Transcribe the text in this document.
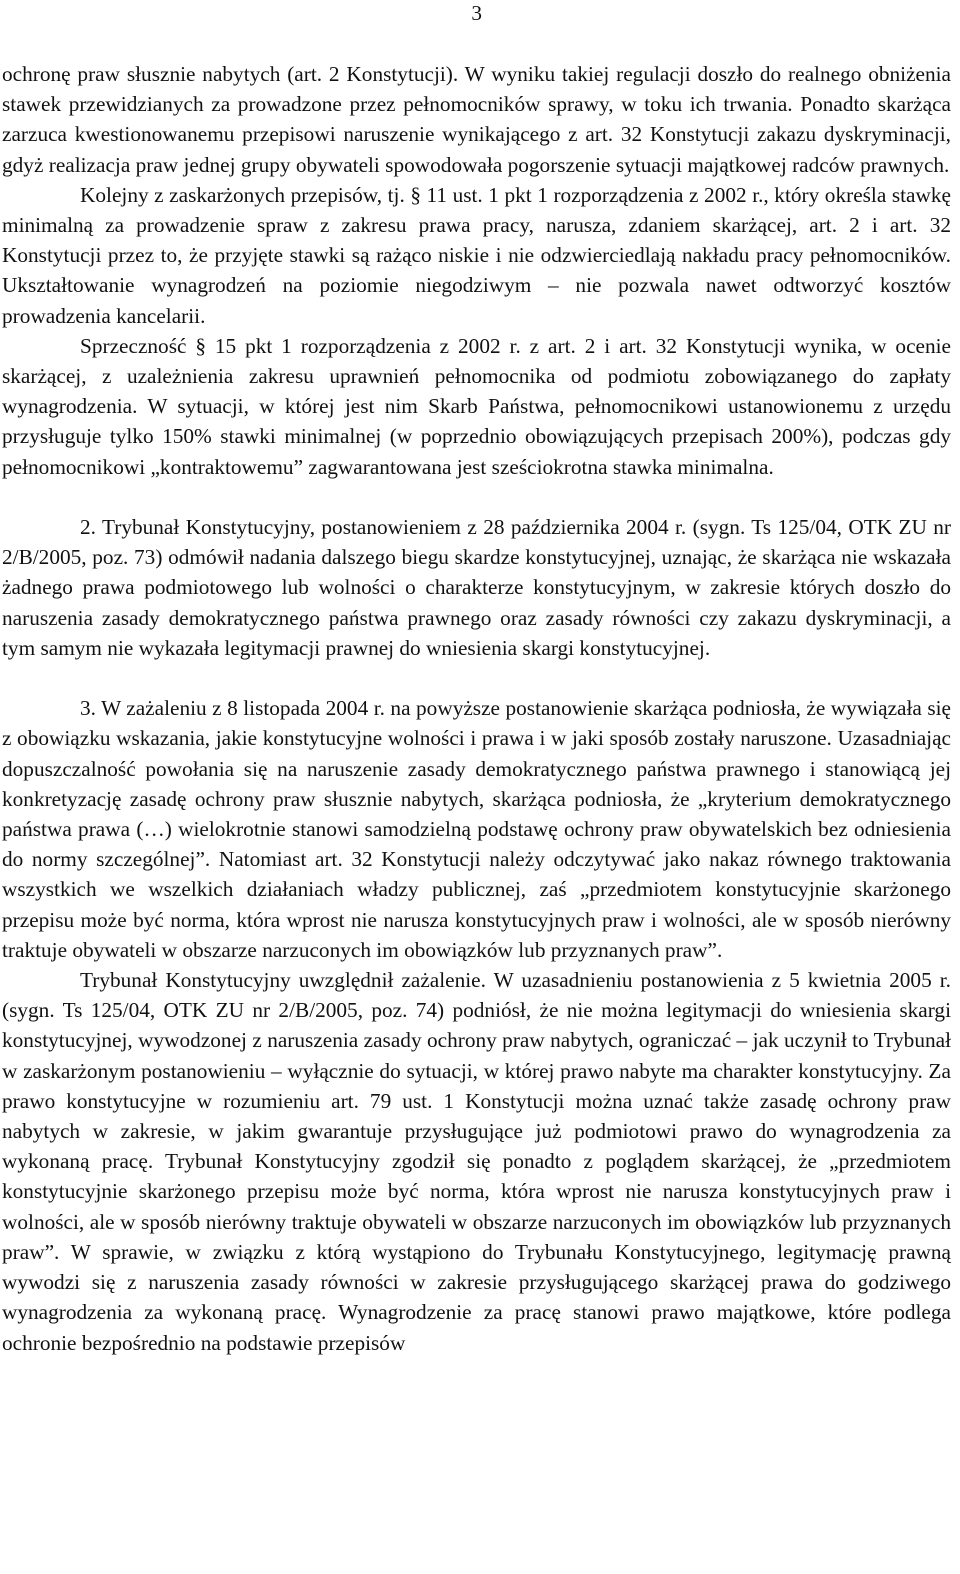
3

ochronę praw słusznie nabytych (art. 2 Konstytucji). W wyniku takiej regulacji doszło do realnego obniżenia stawek przewidzianych za prowadzone przez pełnomocników sprawy, w toku ich trwania. Ponadto skarżąca zarzuca kwestionowanemu przepisowi naruszenie wynikającego z art. 32 Konstytucji zakazu dyskryminacji, gdyż realizacja praw jednej grupy obywateli spowodowała pogorszenie sytuacji majątkowej radców prawnych.

Kolejny z zaskarżonych przepisów, tj. § 11 ust. 1 pkt 1 rozporządzenia z 2002 r., który określa stawkę minimalną za prowadzenie spraw z zakresu prawa pracy, narusza, zdaniem skarżącej, art. 2 i art. 32 Konstytucji przez to, że przyjęte stawki są rażąco niskie i nie odzwierciedlają nakładu pracy pełnomocników. Ukształtowanie wynagrodzeń na poziomie niegodziwym – nie pozwala nawet odtworzyć kosztów prowadzenia kancelarii.

Sprzeczność § 15 pkt 1 rozporządzenia z 2002 r. z art. 2 i art. 32 Konstytucji wynika, w ocenie skarżącej, z uzależnienia zakresu uprawnień pełnomocnika od podmiotu zobowiązanego do zapłaty wynagrodzenia. W sytuacji, w której jest nim Skarb Państwa, pełnomocnikowi ustanowionemu z urzędu przysługuje tylko 150% stawki minimalnej (w poprzednio obowiązujących przepisach 200%), podczas gdy pełnomocnikowi „kontraktowemu” zagwarantowana jest sześciokrotna stawka minimalna.

2. Trybunał Konstytucyjny, postanowieniem z 28 października 2004 r. (sygn. Ts 125/04, OTK ZU nr 2/B/2005, poz. 73) odmówił nadania dalszego biegu skardze konstytucyjnej, uznając, że skarżąca nie wskazała żadnego prawa podmiotowego lub wolności o charakterze konstytucyjnym, w zakresie których doszło do naruszenia zasady demokratycznego państwa prawnego oraz zasady równości czy zakazu dyskryminacji, a tym samym nie wykazała legitymacji prawnej do wniesienia skargi konstytucyjnej.

3. W zażaleniu z 8 listopada 2004 r. na powyższe postanowienie skarżąca podniosła, że wywiązała się z obowiązku wskazania, jakie konstytucyjne wolności i prawa i w jaki sposób zostały naruszone. Uzasadniając dopuszczalność powołania się na naruszenie zasady demokratycznego państwa prawnego i stanowiącą jej konkretyzację zasadę ochrony praw słusznie nabytych, skarżąca podniosła, że „kryterium demokratycznego państwa prawa (…) wielokrotnie stanowi samodzielną podstawę ochrony praw obywatelskich bez odniesienia do normy szczególnej”. Natomiast art. 32 Konstytucji należy odczytywać jako nakaz równego traktowania wszystkich we wszelkich działaniach władzy publicznej, zaś „przedmiotem konstytucyjnie skarżonego przepisu może być norma, która wprost nie narusza konstytucyjnych praw i wolności, ale w sposób nierówny traktuje obywateli w obszarze narzuconych im obowiązków lub przyznanych praw”.

Trybunał Konstytucyjny uwzględnił zażalenie. W uzasadnieniu postanowienia z 5 kwietnia 2005 r. (sygn. Ts 125/04, OTK ZU nr 2/B/2005, poz. 74) podniósł, że nie można legitymacji do wniesienia skargi konstytucyjnej, wywodzonej z naruszenia zasady ochrony praw nabytych, ograniczać – jak uczynił to Trybunał w zaskarżonym postanowieniu – wyłącznie do sytuacji, w której prawo nabyte ma charakter konstytucyjny. Za prawo konstytucyjne w rozumieniu art. 79 ust. 1 Konstytucji można uznać także zasadę ochrony praw nabytych w zakresie, w jakim gwarantuje przysługujące już podmiotowi prawo do wynagrodzenia za wykonaną pracę. Trybunał Konstytucyjny zgodził się ponadto z poglądem skarżącej, że „przedmiotem konstytucyjnie skarżonego przepisu może być norma, która wprost nie narusza konstytucyjnych praw i wolności, ale w sposób nierówny traktuje obywateli w obszarze narzuconych im obowiązków lub przyznanych praw”. W sprawie, w związku z którą wystąpiono do Trybunału Konstytucyjnego, legitymację prawną wywodzi się z naruszenia zasady równości w zakresie przysługującego skarżącej prawa do godziwego wynagrodzenia za wykonaną pracę. Wynagrodzenie za pracę stanowi prawo majątkowe, które podlega ochronie bezpośrednio na podstawie przepisów
